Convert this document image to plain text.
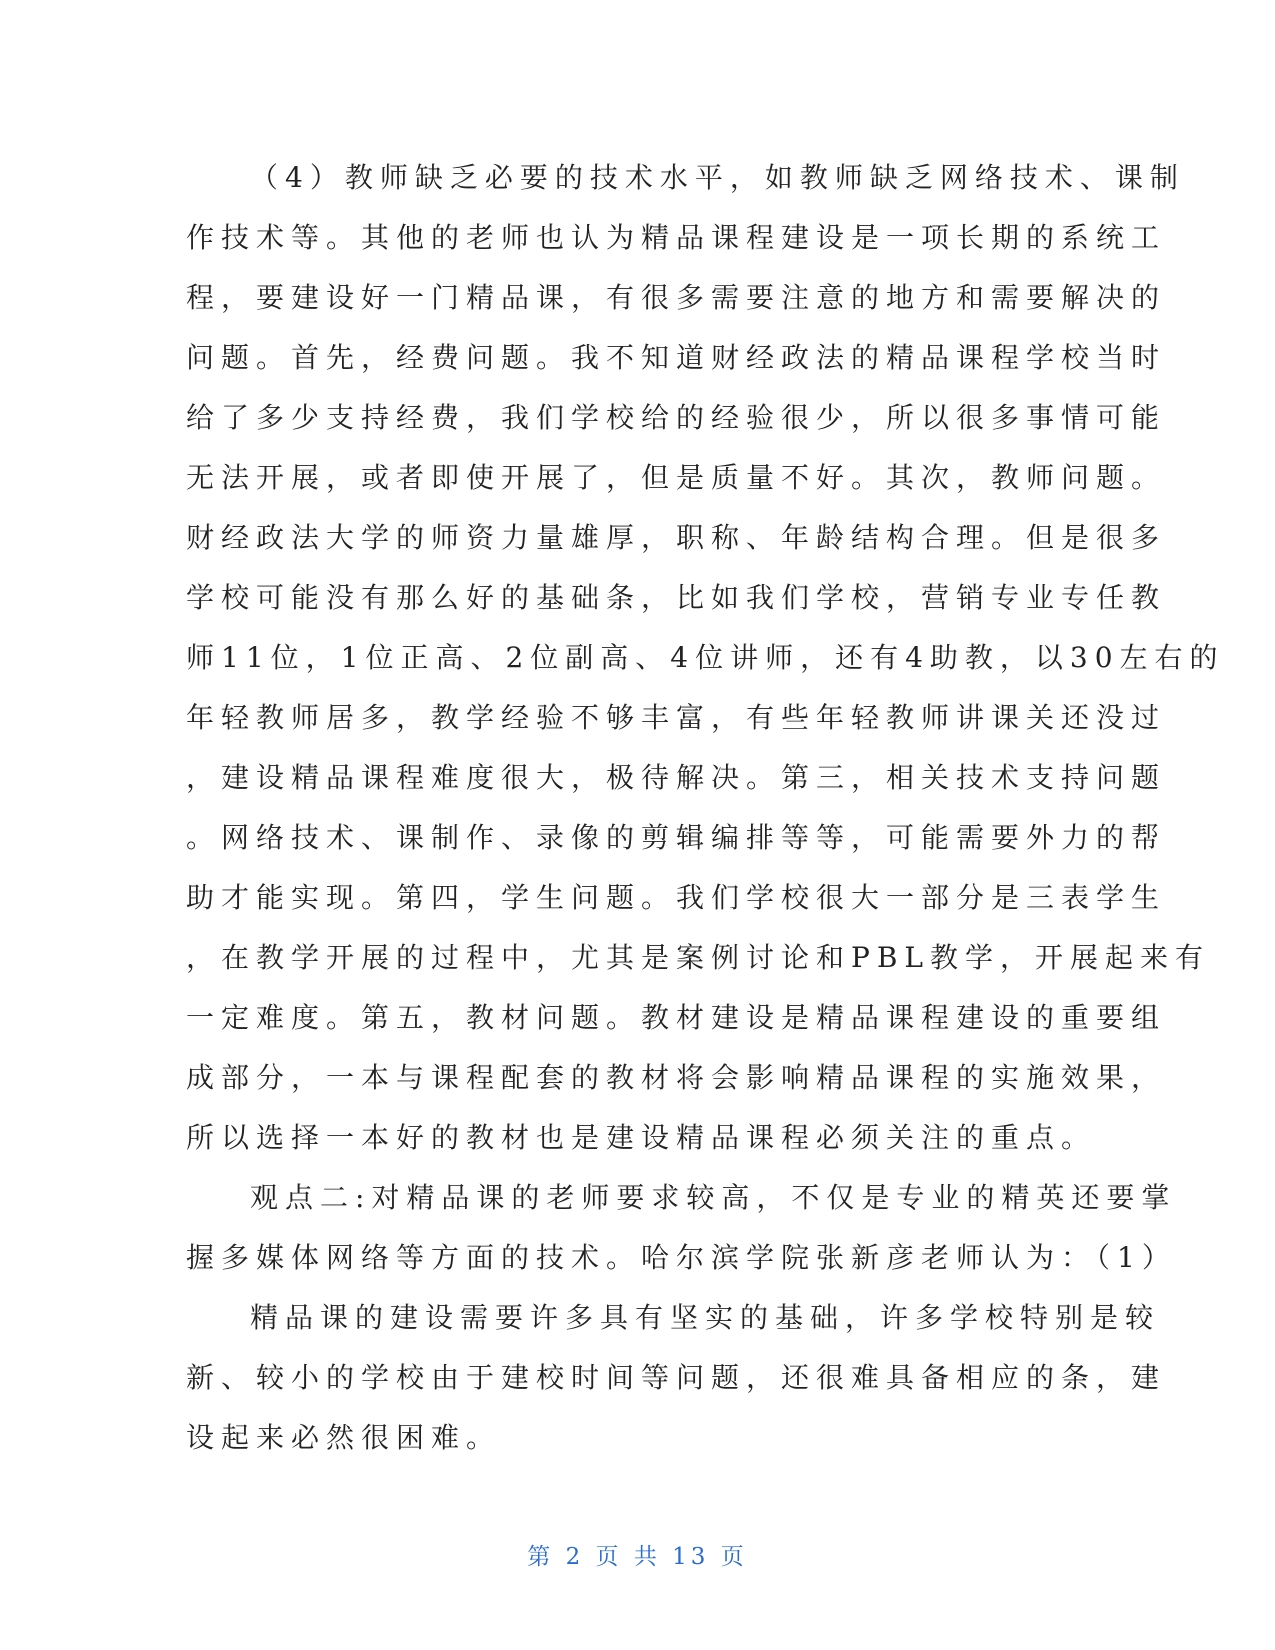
（4）教师缺乏必要的技术水平，如教师缺乏网络技术、课制
作技术等。其他的老师也认为精品课程建设是一项长期的系统工
程，要建设好一门精品课，有很多需要注意的地方和需要解决的
问题。首先，经费问题。我不知道财经政法的精品课程学校当时
给了多少支持经费，我们学校给的经验很少，所以很多事情可能
无法开展，或者即使开展了，但是质量不好。其次，教师问题。
财经政法大学的师资力量雄厚，职称、年龄结构合理。但是很多
学校可能没有那么好的基础条，比如我们学校，营销专业专任教
师11位，1位正高、2位副高、4位讲师，还有4助教，以30左右的
年轻教师居多，教学经验不够丰富，有些年轻教师讲课关还没过
，建设精品课程难度很大，极待解决。第三，相关技术支持问题
。网络技术、课制作、录像的剪辑编排等等，可能需要外力的帮
助才能实现。第四，学生问题。我们学校很大一部分是三表学生
，在教学开展的过程中，尤其是案例讨论和PBL教学，开展起来有
一定难度。第五，教材问题。教材建设是精品课程建设的重要组
成部分，一本与课程配套的教材将会影响精品课程的实施效果，
所以选择一本好的教材也是建设精品课程必须关注的重点。

观点二:对精品课的老师要求较高，不仅是专业的精英还要掌
握多媒体网络等方面的技术。哈尔滨学院张新彦老师认为：（1）

精品课的建设需要许多具有坚实的基础，许多学校特别是较
新、较小的学校由于建校时间等问题，还很难具备相应的条，建
设起来必然很困难。

第 2 页 共 13 页
